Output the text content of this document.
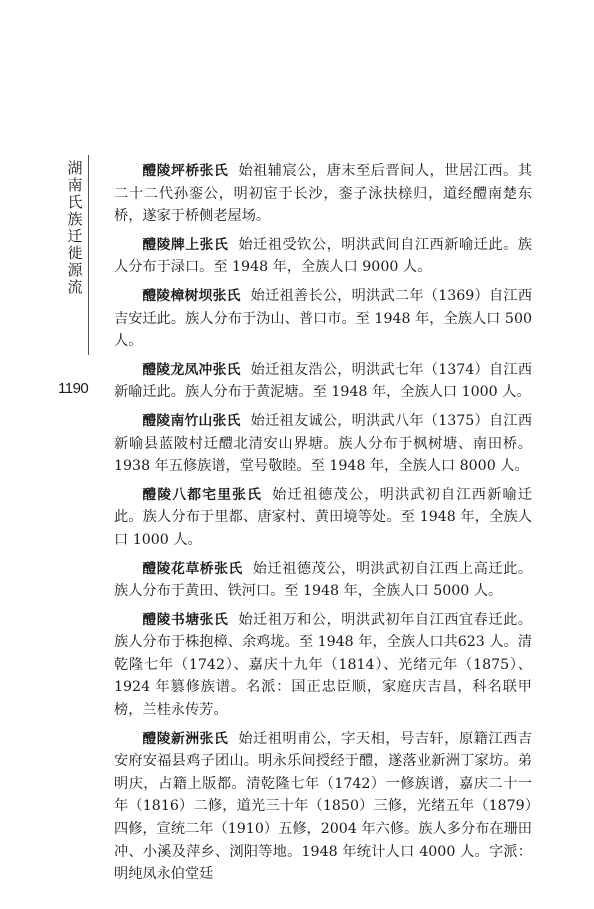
湖南氏族迁徙源流
1190

醴陵坪桥张氏 始祖辅宸公，唐末至后晋间人，世居江西。其二十二代孙銮公，明初宦于长沙，銮子泳扶榇归，道经醴南楚东桥，遂家于桥侧老屋场。

醴陵牌上张氏 始迁祖受钦公，明洪武间自江西新喻迁此。族人分布于渌口。至 1948 年，全族人口 9000 人。

醴陵樟树坝张氏 始迁祖善长公，明洪武二年（1369）自江西吉安迁此。族人分布于沩山、普口市。至 1948 年，全族人口 500 人。

醴陵龙凤冲张氏 始迁祖友浩公，明洪武七年（1374）自江西新喻迁此。族人分布于黄泥塘。至 1948 年，全族人口 1000 人。

醴陵南竹山张氏 始迁祖友诚公，明洪武八年（1375）自江西新喻县蓝陂村迁醴北清安山界塘。族人分布于枫树塘、南田桥。1938 年五修族谱，堂号敬睦。至 1948 年，全族人口 8000 人。

醴陵八都宅里张氏 始迁祖德茂公，明洪武初自江西新喻迁此。族人分布于里都、唐家村、黄田境等处。至 1948 年，全族人口 1000 人。

醴陵花草桥张氏 始迁祖德茂公，明洪武初自江西上高迁此。族人分布于黄田、铁河口。至 1948 年，全族人口 5000 人。

醴陵书塘张氏 始迁祖万和公，明洪武初年自江西宜春迁此。族人分布于株抱樟、余鸡垅。至 1948 年，全族人口共623 人。清乾隆七年（1742）、嘉庆十九年（1814）、光绪元年（1875）、1924 年篡修族谱。名派：国正忠臣顺，家庭庆吉昌，科名联甲榜，兰桂永传芳。

醴陵新洲张氏 始迁祖明甫公，字天相，号吉轩，原籍江西吉安府安福县鸡子团山。明永乐间授经于醴，遂落业新洲丁家坊。弟明庆，占籍上版都。清乾隆七年（1742）一修族谱，嘉庆二十一年（1816）二修，道光三十年（1850）三修，光绪五年（1879）四修，宣统二年（1910）五修，2004 年六修。族人多分布在珊田冲、小溪及萍乡、浏阳等地。1948 年统计人口 4000 人。字派：明纯凤永伯堂廷
